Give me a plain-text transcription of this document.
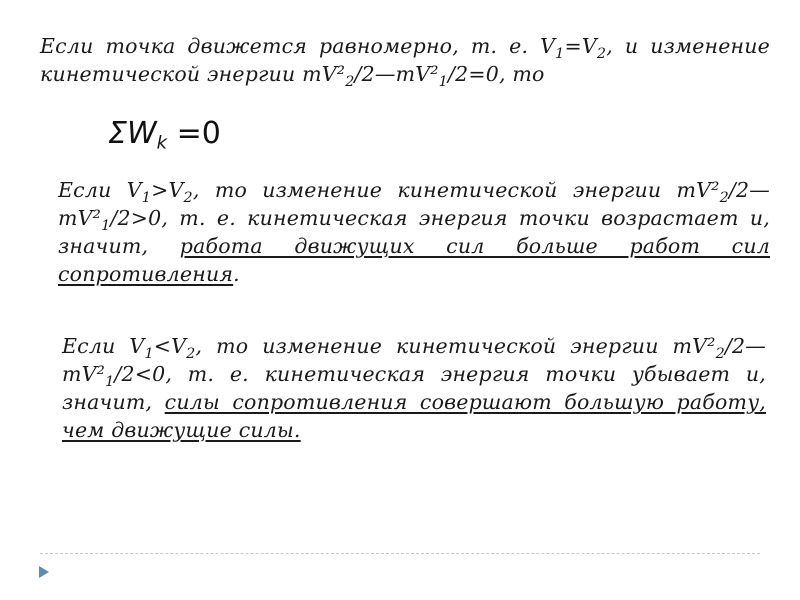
Если точка движется равномерно, т. е. $V_1=V_2$, и изменение кинетической энергии $mV^2_2/2—mV^2_1/2=0$, то
$\Sigma W_k =0$
Если $V_1>V_2$, то изменение кинетической энергии $mV^2_2/2—mV^2_1/2>0$, т. е. кинетическая энергия точки возрастает и, значит, работа движущих сил больше работ сил сопротивления.
Если $V_1<V_2$, то изменение кинетической энергии $mV^2_2/2—mV^2_1/2<0$, т. е. кинетическая энергия точки убывает и, значит, силы сопротивления совершают большую работу, чем движущие силы.
